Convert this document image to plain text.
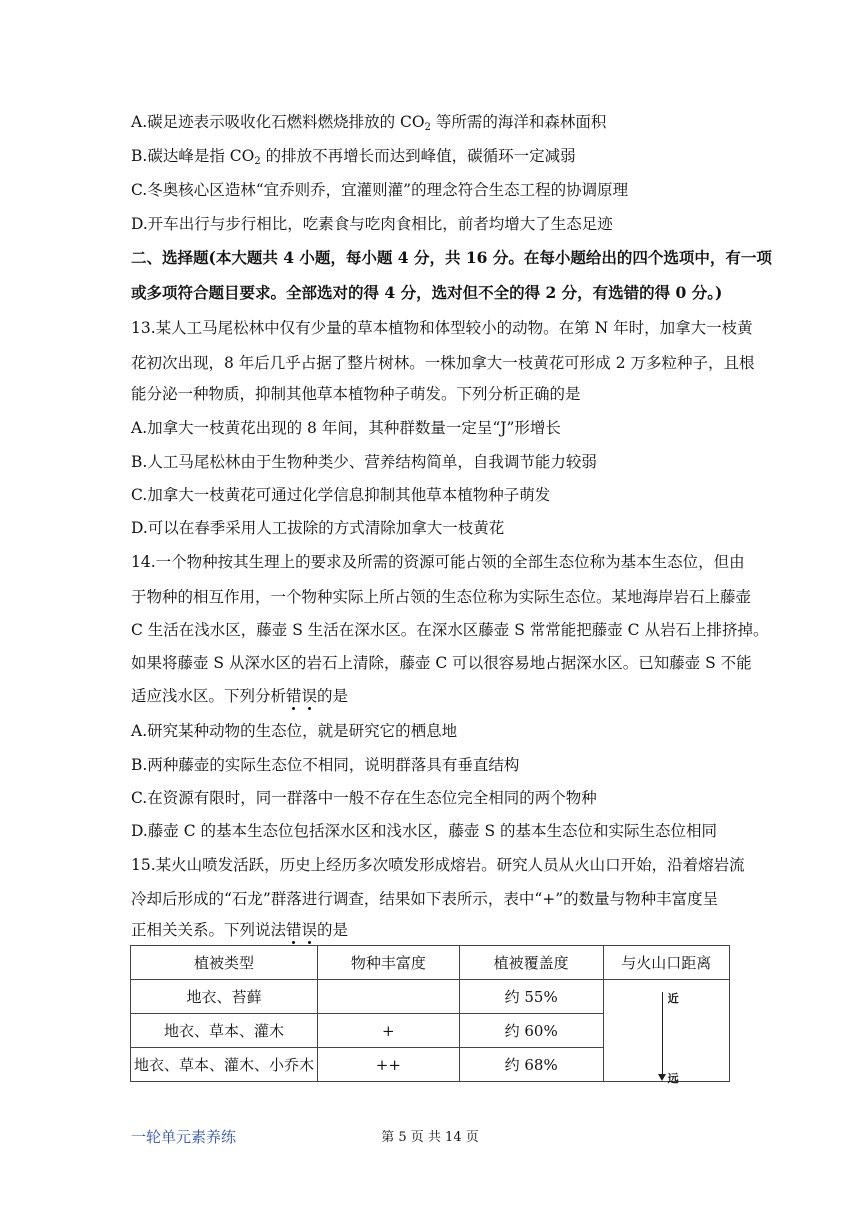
A.碳足迹表示吸收化石燃料燃烧排放的 $CO_2$ 等所需的海洋和森林面积
B.碳达峰是指 $CO_2$ 的排放不再增长而达到峰值，碳循环一定减弱
C.冬奥核心区造林“宜乔则乔，宜灌则灌”的理念符合生态工程的协调原理
D.开车出行与步行相比，吃素食与吃肉食相比，前者均增大了生态足迹
二、选择题(本大题共 4 小题，每小题 4 分，共 16 分。在每小题给出的四个选项中，有一项
或多项符合题目要求。全部选对的得 4 分，选对但不全的得 2 分，有选错的得 0 分。)
13.某人工马尾松林中仅有少量的草本植物和体型较小的动物。在第 N 年时，加拿大一枝黄
花初次出现，8 年后几乎占据了整片树林。一株加拿大一枝黄花可形成 2 万多粒种子，且根
能分泌一种物质，抑制其他草本植物种子萌发。下列分析正确的是
A.加拿大一枝黄花出现的 8 年间，其种群数量一定呈“J”形增长
B.人工马尾松林由于生物种类少、营养结构简单，自我调节能力较弱
C.加拿大一枝黄花可通过化学信息抑制其他草本植物种子萌发
D.可以在春季采用人工拔除的方式清除加拿大一枝黄花
14.一个物种按其生理上的要求及所需的资源可能占领的全部生态位称为基本生态位，但由
于物种的相互作用，一个物种实际上所占领的生态位称为实际生态位。某地海岸岩石上藤壶
C 生活在浅水区，藤壶 S 生活在深水区。在深水区藤壶 S 常常能把藤壶 C 从岩石上排挤掉。
如果将藤壶 S 从深水区的岩石上清除，藤壶 C 可以很容易地占据深水区。已知藤壶 S 不能
适应浅水区。下列分析错误的是
A.研究某种动物的生态位，就是研究它的栖息地
B.两种藤壶的实际生态位不相同，说明群落具有垂直结构
C.在资源有限时，同一群落中一般不存在生态位完全相同的两个物种
D.藤壶 C 的基本生态位包括深水区和浅水区，藤壶 S 的基本生态位和实际生态位相同
15.某火山喷发活跃，历史上经历多次喷发形成熔岩。研究人员从火山口开始，沿着熔岩流
冷却后形成的“石龙”群落进行调查，结果如下表所示，表中“+”的数量与物种丰富度呈
正相关关系。下列说法错误的是
植被类型	物种丰富度	植被覆盖度	与火山口距离
地衣、苔藓		约 55%	近
远

地衣、草本、灌木	+	约 60%	
地衣、草本、灌木、小乔木	++	约 68%	
一轮单元素养练	第 5 页 共 14 页
